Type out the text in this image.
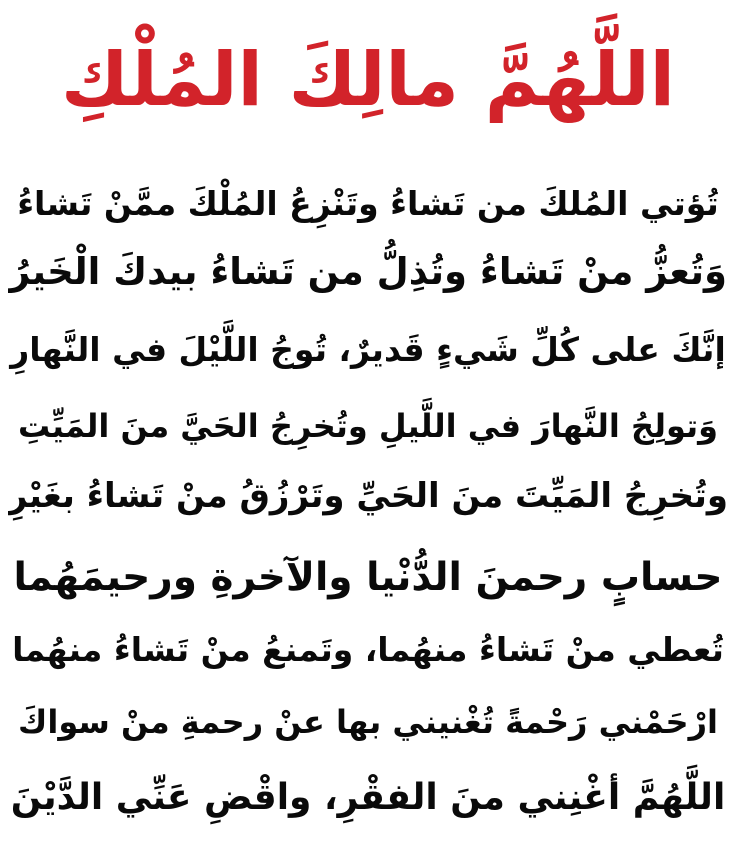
اللَّهُمَّ مالِكَ المُلْكِ
تُؤتي المُلكَ من تَشاءُ وتَنْزِعُ المُلْكَ ممَّنْ تَشاءُ
وَتُعزُّ منْ تَشاءُ وتُذِلُّ من تَشاءُ بيدكَ الْخَيرُ
إنَّكَ على كُلِّ شَيءٍ قَديرٌ، تُوجُ اللَّيْلَ في النَّهارِ
وَتولِجُ النَّهارَ في اللَّيلِ وتُخرِجُ الحَيَّ منَ المَيِّتِ
وتُخرِجُ المَيِّتَ منَ الحَيِّ وتَرْزُقُ منْ تَشاءُ بغَيْرِ
حسابٍ رحمنَ الدُّنْيا والآخرةِ ورحيمَهُما
تُعطي منْ تَشاءُ منهُما، وتَمنعُ منْ تَشاءُ منهُما
ارْحَمْني رَحْمةً تُغْنيني بها عنْ رحمةِ منْ سواكَ
اللَّهُمَّ أغْنِني منَ الفقْرِ، واقْضِ عَنِّي الدَّيْنَ
